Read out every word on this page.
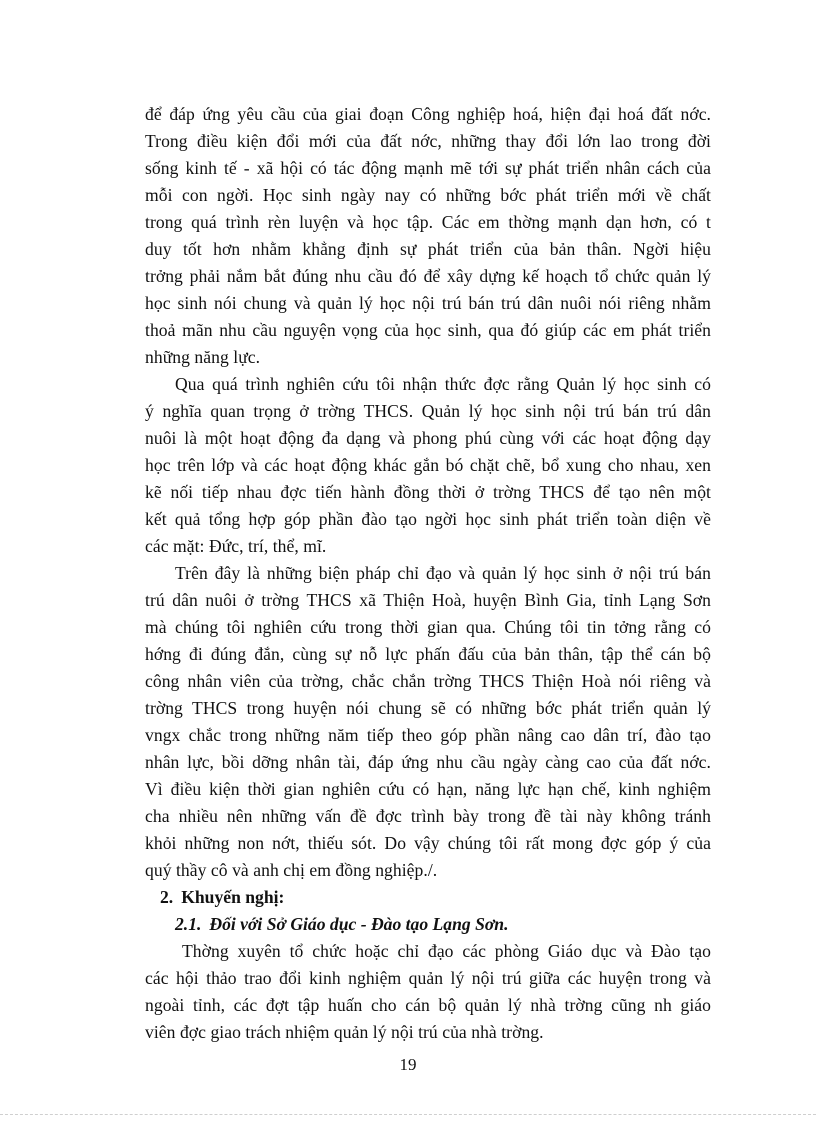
để đáp ứng yêu cầu của giai đoạn Công nghiệp hoá, hiện đại hoá đất nớc.
Trong điều kiện đổi mới của đất nớc, những thay đổi lớn lao trong đời
sống kinh tế - xã hội có tác động mạnh mẽ tới sự phát triển nhân cách của
mỗi con ngời. Học sinh ngày nay có những bớc phát triển mới về chất
trong quá trình rèn luyện và học tập. Các em thờng mạnh dạn hơn, có t
duy tốt hơn nhằm khẳng định sự phát triển của bản thân. Ngời hiệu
trởng phải nắm bắt đúng nhu cầu đó để xây dựng kế hoạch tổ chức quản lý
học sinh nói chung và quản lý học nội trú bán trú dân nuôi nói riêng nhằm
thoả mãn nhu cầu nguyện vọng của học sinh, qua đó giúp các em phát triển
những năng lực.
Qua quá trình nghiên cứu tôi nhận thức đợc rằng Quản lý học sinh có
ý nghĩa quan trọng ở trờng THCS. Quản lý học sinh nội trú bán trú dân
nuôi là một hoạt động đa dạng và phong phú cùng với các hoạt động dạy
học trên lớp và các hoạt động khác gắn bó chặt chẽ, bổ xung cho nhau, xen
kẽ nối tiếp nhau đợc tiến hành đồng thời ở trờng THCS để tạo nên một
kết quả tổng hợp góp phần đào tạo ngời học sinh phát triển toàn diện về
các mặt: Đức, trí, thể, mĩ.
Trên đây là những biện pháp chỉ đạo và quản lý học sinh ở nội trú bán
trú dân nuôi ở trờng THCS xã Thiện Hoà, huyện Bình Gia, tỉnh Lạng Sơn
mà chúng tôi nghiên cứu trong thời gian qua. Chúng tôi tin tởng rằng có
hớng đi đúng đắn, cùng sự nỗ lực phấn đấu của bản thân, tập thể cán bộ
công nhân viên của trờng, chắc chắn trờng THCS Thiện Hoà nói riêng và
trờng THCS trong huyện nói chung sẽ có những bớc phát triển quản lý
vngx chắc trong những năm tiếp theo góp phần nâng cao dân trí, đào tạo
nhân lực, bồi dỡng nhân tài, đáp ứng nhu cầu ngày càng cao của đất nớc.
Vì điều kiện thời gian nghiên cứu có hạn, năng lực hạn chế, kinh nghiệm
cha nhiều nên những vấn đề đợc trình bày trong đề tài này không tránh
khỏi những non nớt, thiếu sót. Do vậy chúng tôi rất mong đợc góp ý của
quý thầy cô và anh chị em đồng nghiệp./.
2. Khuyến nghị:
2.1. Đối với Sở Giáo dục - Đào tạo Lạng Sơn.
Thờng xuyên tổ chức hoặc chỉ đạo các phòng Giáo dục và Đào tạo
các hội thảo trao đổi kinh nghiệm quản lý nội trú giữa các huyện trong và
ngoài tỉnh, các đợt tập huấn cho cán bộ quản lý nhà trờng cũng nh giáo
viên đợc giao trách nhiệm quản lý nội trú của nhà trờng.
19
